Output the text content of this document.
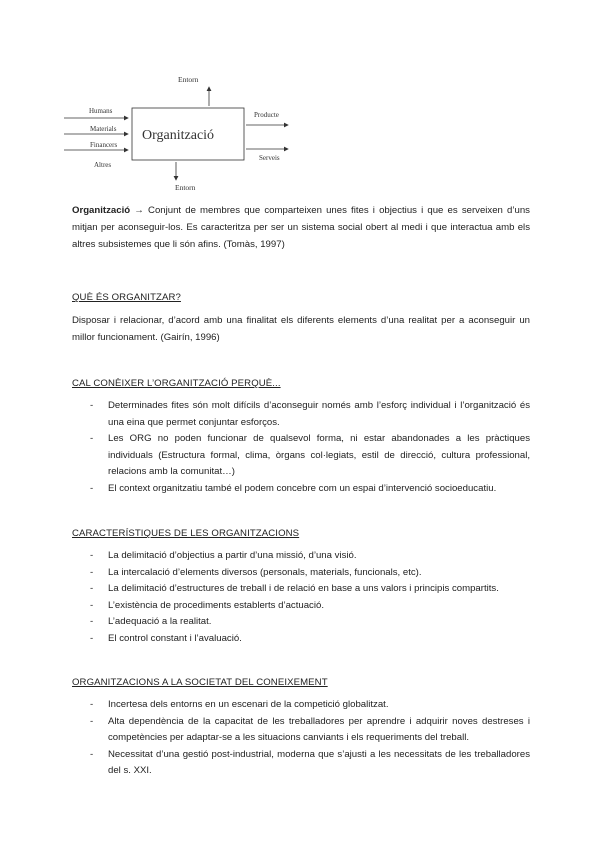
Entorn
Organització
Entorn
Humans
Materials
Financers
Altres
Producte
Serveis

Organització → Conjunt de membres que comparteixen unes fites i objectius i que es serveixen d’uns mitjan per aconseguir-los. Es caracteritza per ser un sistema social obert al medi i que interactua amb els altres subsistemes que li són afins. (Tomàs, 1997)

QUÈ ÉS ORGANITZAR?

Disposar i relacionar, d’acord amb una finalitat els diferents elements d’una realitat per a aconseguir un millor funcionament. (Gairín, 1996)

CAL CONÈIXER L’ORGANITZACIÓ PERQUÈ...
- Determinades fites són molt difícils d’aconseguir només amb l’esforç individual i l’organització és una eina que permet conjuntar esforços.
- Les ORG no poden funcionar de qualsevol forma, ni estar abandonades a les pràctiques individuals (Estructura formal, clima, òrgans col·legiats, estil de direcció, cultura professional, relacions amb la comunitat…)
- El context organitzatiu també el podem concebre com un espai d’intervenció socioeducatiu.
CARACTERÍSTIQUES DE LES ORGANITZACIONS
- La delimitació d’objectius a partir d’una missió, d’una visió.
- La intercalació d’elements diversos (personals, materials, funcionals, etc).
- La delimitació d’estructures de treball i de relació en base a uns valors i principis compartits.
- L’existència de procediments establerts d’actuació.
- L’adequació a la realitat.
- El control constant i l’avaluació.
ORGANITZACIONS A LA SOCIETAT DEL CONEIXEMENT
- Incertesa dels entorns en un escenari de la competició globalitzat.
- Alta dependència de la capacitat de les treballadores per aprendre i adquirir noves destreses i competències per adaptar-se a les situacions canviants i els requeriments del treball.
- Necessitat d’una gestió post-industrial, moderna que s’ajusti a les necessitats de les treballadores del s. XXI.
